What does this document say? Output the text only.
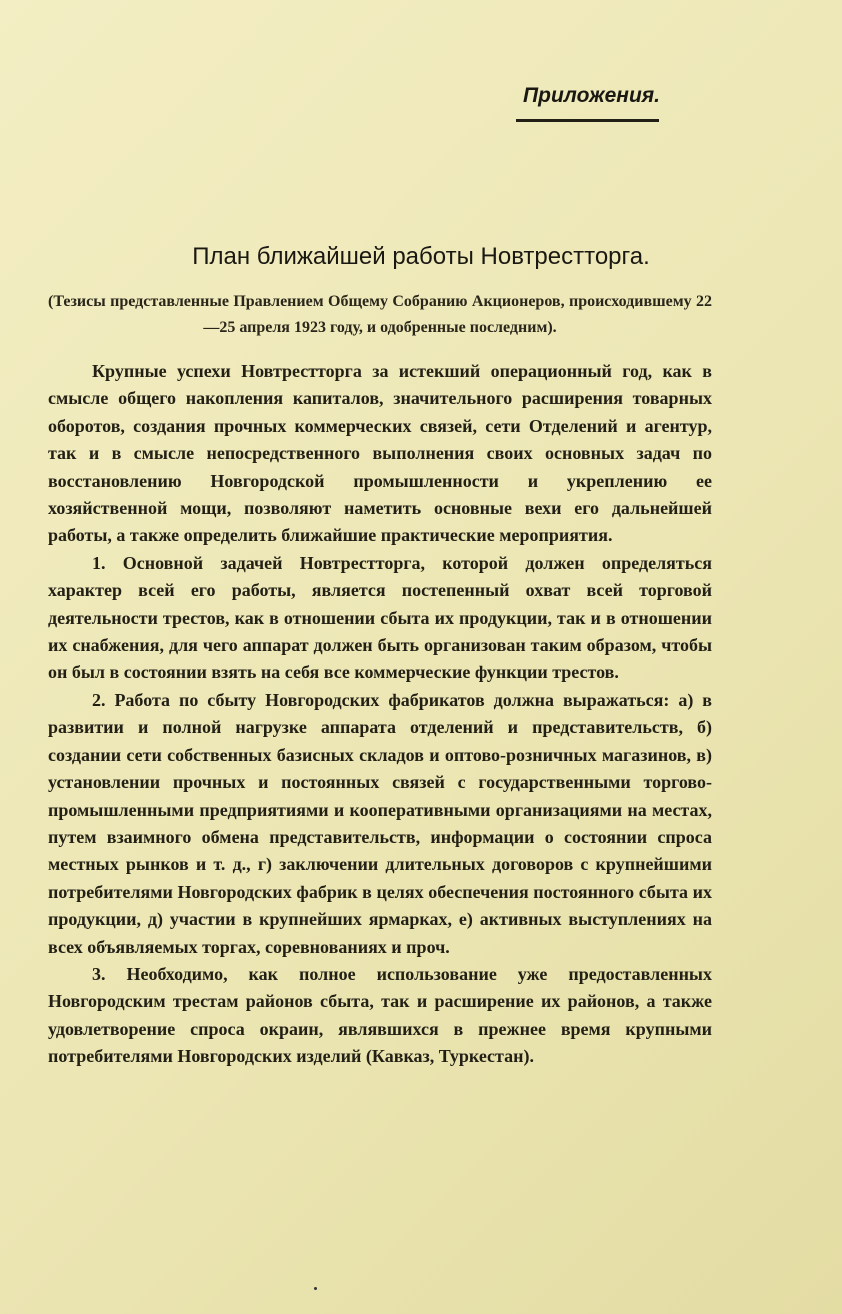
Приложения.
План ближайшей работы Новтрестторга.
(Тезисы представленные Правлением Общему Собранию Акционеров, происходившему 22—25 апреля 1923 году, и одобренные последним).

Крупные успехи Новтрестторга за истекший операционный год, как в смысле общего накопления капиталов, значительного расширения товарных оборотов, создания прочных коммерческих связей, сети Отделений и агентур, так и в смысле непосредственного выполнения своих основных задач по восстановлению Новгородской промышленности и укреплению ее хозяйственной мощи, позволяют наметить основные вехи его дальнейшей работы, а также определить ближайшие практические мероприятия.

1. Основной задачей Новтрестторга, которой должен определяться характер всей его работы, является постепенный охват всей торговой деятельности трестов, как в отношении сбыта их продукции, так и в отношении их снабжения, для чего аппарат должен быть организован таким образом, чтобы он был в состоянии взять на себя все коммерческие функции трестов.

2. Работа по сбыту Новгородских фабрикатов должна выражаться: а) в развитии и полной нагрузке аппарата отделений и представительств, б) создании сети собственных базисных складов и оптово-розничных магазинов, в) установлении прочных и постоянных связей с государственными торгово-промышленными предприятиями и кооперативными организациями на местах, путем взаимного обмена представительств, информации о состоянии спроса местных рынков и т. д., г) заключении длительных договоров с крупнейшими потребителями Новгородских фабрик в целях обеспечения постоянного сбыта их продукции, д) участии в крупнейших ярмарках, е) активных выступлениях на всех объявляемых торгах, соревнованиях и проч.

3. Необходимо, как полное использование уже предоставленных Новгородским трестам районов сбыта, так и расширение их районов, а также удовлетворение спроса окраин, являвшихся в прежнее время крупными потребителями Новгородских изделий (Кавказ, Туркестан).
